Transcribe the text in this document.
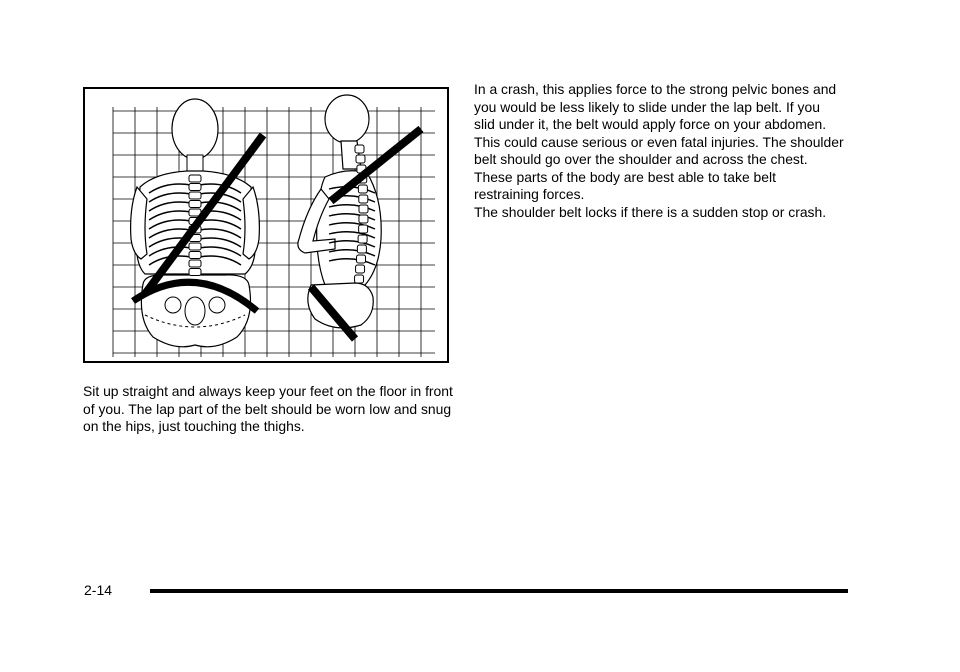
Sit up straight and always keep your feet on the floor in front of you. The lap part of the belt should be worn low and snug on the hips, just touching the thighs.

In a crash, this applies force to the strong pelvic bones and you would be less likely to slide under the lap belt. If you slid under it, the belt would apply force on your abdomen. This could cause serious or even fatal injuries. The shoulder belt should go over the shoulder and across the chest. These parts of the body are best able to take belt restraining forces.

The shoulder belt locks if there is a sudden stop or crash.

2-14
